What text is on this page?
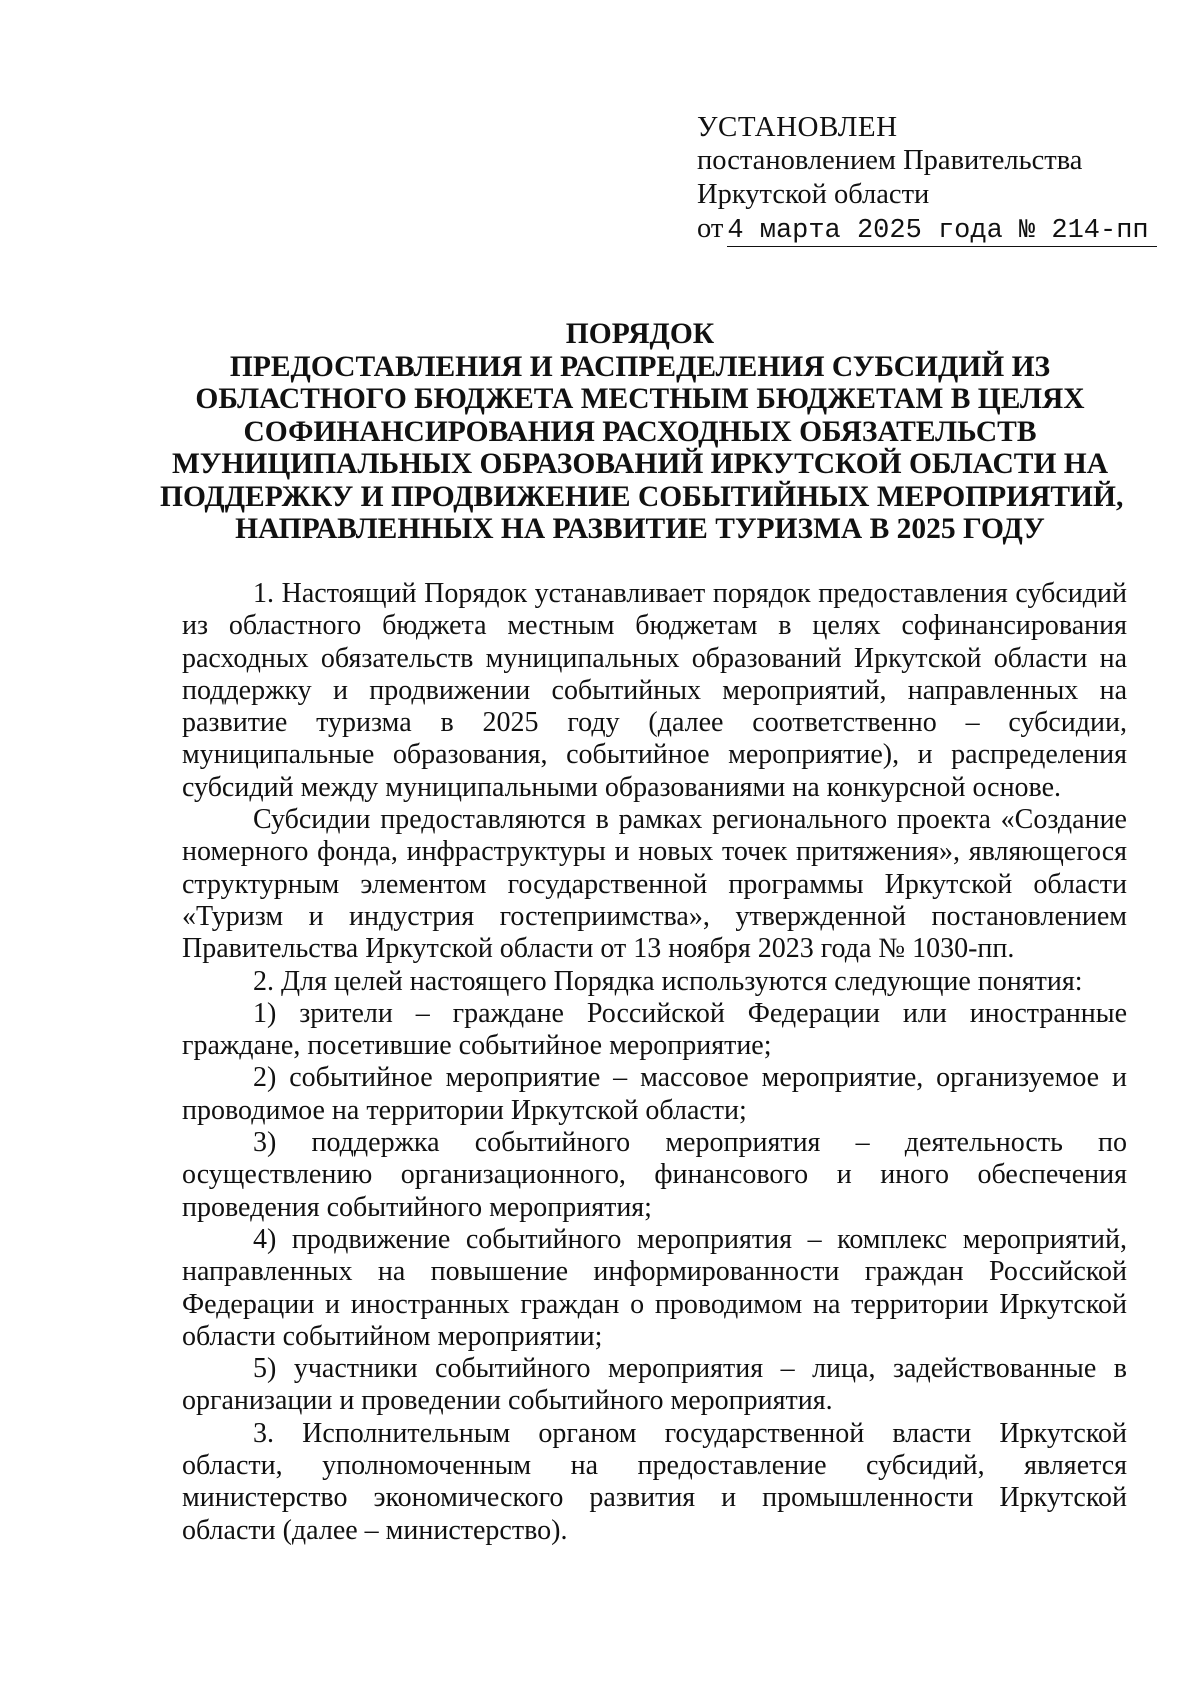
УСТАНОВЛЕН
постановлением Правительства
Иркутской области
от 4 марта 2025 года № 214-пп
ПОРЯДОК
ПРЕДОСТАВЛЕНИЯ И РАСПРЕДЕЛЕНИЯ СУБСИДИЙ ИЗ
ОБЛАСТНОГО БЮДЖЕТА МЕСТНЫМ БЮДЖЕТАМ В ЦЕЛЯХ
СОФИНАНСИРОВАНИЯ РАСХОДНЫХ ОБЯЗАТЕЛЬСТВ
МУНИЦИПАЛЬНЫХ ОБРАЗОВАНИЙ ИРКУТСКОЙ ОБЛАСТИ НА
ПОДДЕРЖКУ И ПРОДВИЖЕНИЕ СОБЫТИЙНЫХ МЕРОПРИЯТИЙ,
НАПРАВЛЕННЫХ НА РАЗВИТИЕ ТУРИЗМА В 2025 ГОДУ

1. Настоящий Порядок устанавливает порядок предоставления субсидий из областного бюджета местным бюджетам в целях софинансирования расходных обязательств муниципальных образований Иркутской области на поддержку и продвижении событийных мероприятий, направленных на развитие туризма в 2025 году (далее соответственно – субсидии, муниципальные образования, событийное мероприятие), и распределения субсидий между муниципальными образованиями на конкурсной основе.

Субсидии предоставляются в рамках регионального проекта «Создание номерного фонда, инфраструктуры и новых точек притяжения», являющегося структурным элементом государственной программы Иркутской области «Туризм и индустрия гостеприимства», утвержденной постановлением Правительства Иркутской области от 13 ноября 2023 года № 1030-пп.

2. Для целей настоящего Порядка используются следующие понятия:

1) зрители – граждане Российской Федерации или иностранные граждане, посетившие событийное мероприятие;

2) событийное мероприятие – массовое мероприятие, организуемое и проводимое на территории Иркутской области;

3) поддержка событийного мероприятия – деятельность по осуществлению организационного, финансового и иного обеспечения проведения событийного мероприятия;

4) продвижение событийного мероприятия – комплекс мероприятий, направленных на повышение информированности граждан Российской Федерации и иностранных граждан о проводимом на территории Иркутской области событийном мероприятии;

5) участники событийного мероприятия – лица, задействованные в организации и проведении событийного мероприятия.

3. Исполнительным органом государственной власти Иркутской области, уполномоченным на предоставление субсидий, является министерство экономического развития и промышленности Иркутской области (далее – министерство).
